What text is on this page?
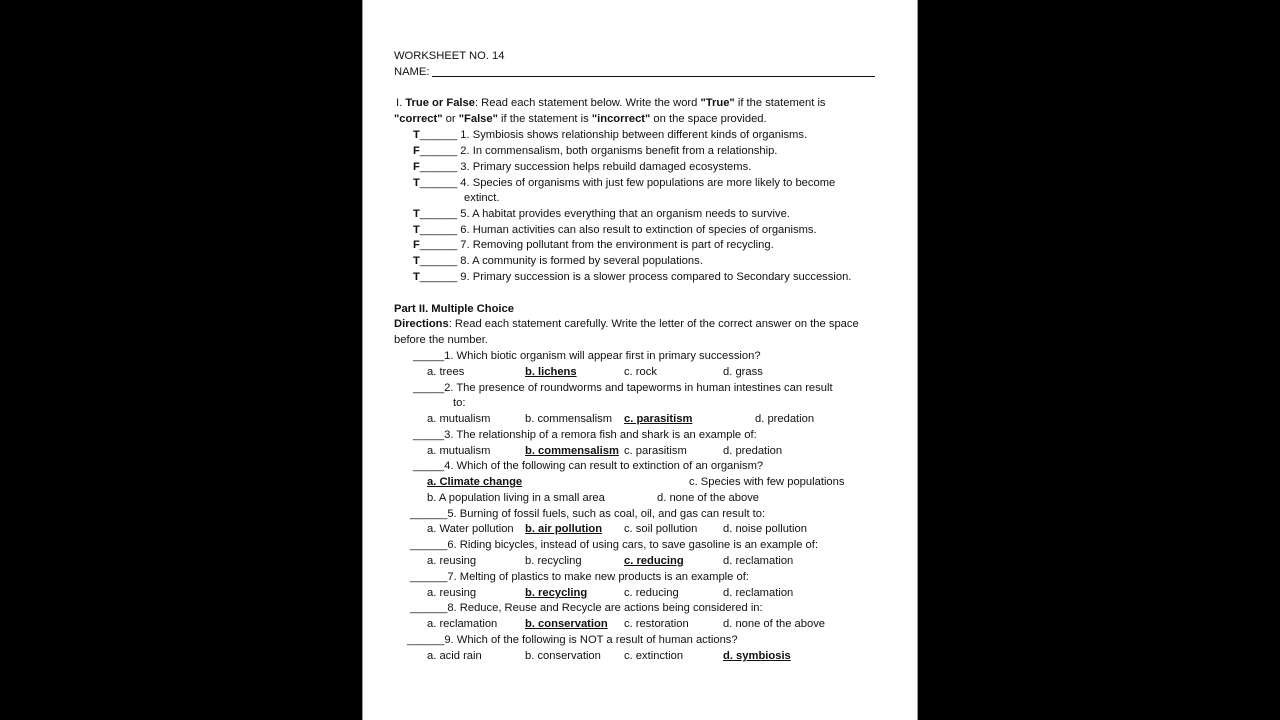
WORKSHEET NO. 14
NAME:
I. True or False: Read each statement below. Write the word "True" if the statement is
"correct" or "False" if the statement is "incorrect" on the space provided.
T______ 1. Symbiosis shows relationship between different kinds of organisms.
F______ 2. In commensalism, both organisms benefit from a relationship.
F______ 3. Primary succession helps rebuild damaged ecosystems.
T______ 4. Species of organisms with just few populations are more likely to become
extinct.
T______ 5. A habitat provides everything that an organism needs to survive.
T______ 6. Human activities can also result to extinction of species of organisms.
F______ 7. Removing pollutant from the environment is part of recycling.
T______ 8. A community is formed by several populations.
T______ 9. Primary succession is a slower process compared to Secondary succession.
Part II. Multiple Choice
Directions: Read each statement carefully. Write the letter of the correct answer on the space
before the number.
_____1. Which biotic organism will appear first in primary succession?
a. trees	b. lichens	c. rock	d. grass
_____2. The presence of roundworms and tapeworms in human intestines can result
to:
a. mutualism	b. commensalism c. parasitism	d. predation
_____3. The relationship of a remora fish and shark is an example of:
a. mutualism	b. commensalism c. parasitism	d. predation
_____4. Which of the following can result to extinction of an organism?
a. Climate change	c. Species with few populations
b. A population living in a small area	d. none of the above
______5. Burning of fossil fuels, such as coal, oil, and gas can result to:
a. Water pollution b. air pollution c. soil pollution d. noise pollution
______6. Riding bicycles, instead of using cars, to save gasoline is an example of:
a. reusing	b. recycling	c. reducing	d. reclamation
______7. Melting of plastics to make new products is an example of:
a. reusing	b. recycling	c. reducing	d. reclamation
______8. Reduce, Reuse and Recycle are actions being considered in:
a. reclamation b. conservation c. restoration	d. none of the above
______9. Which of the following is NOT a result of human actions?
a. acid rain	b. conservation c. extinction	d. symbiosis
